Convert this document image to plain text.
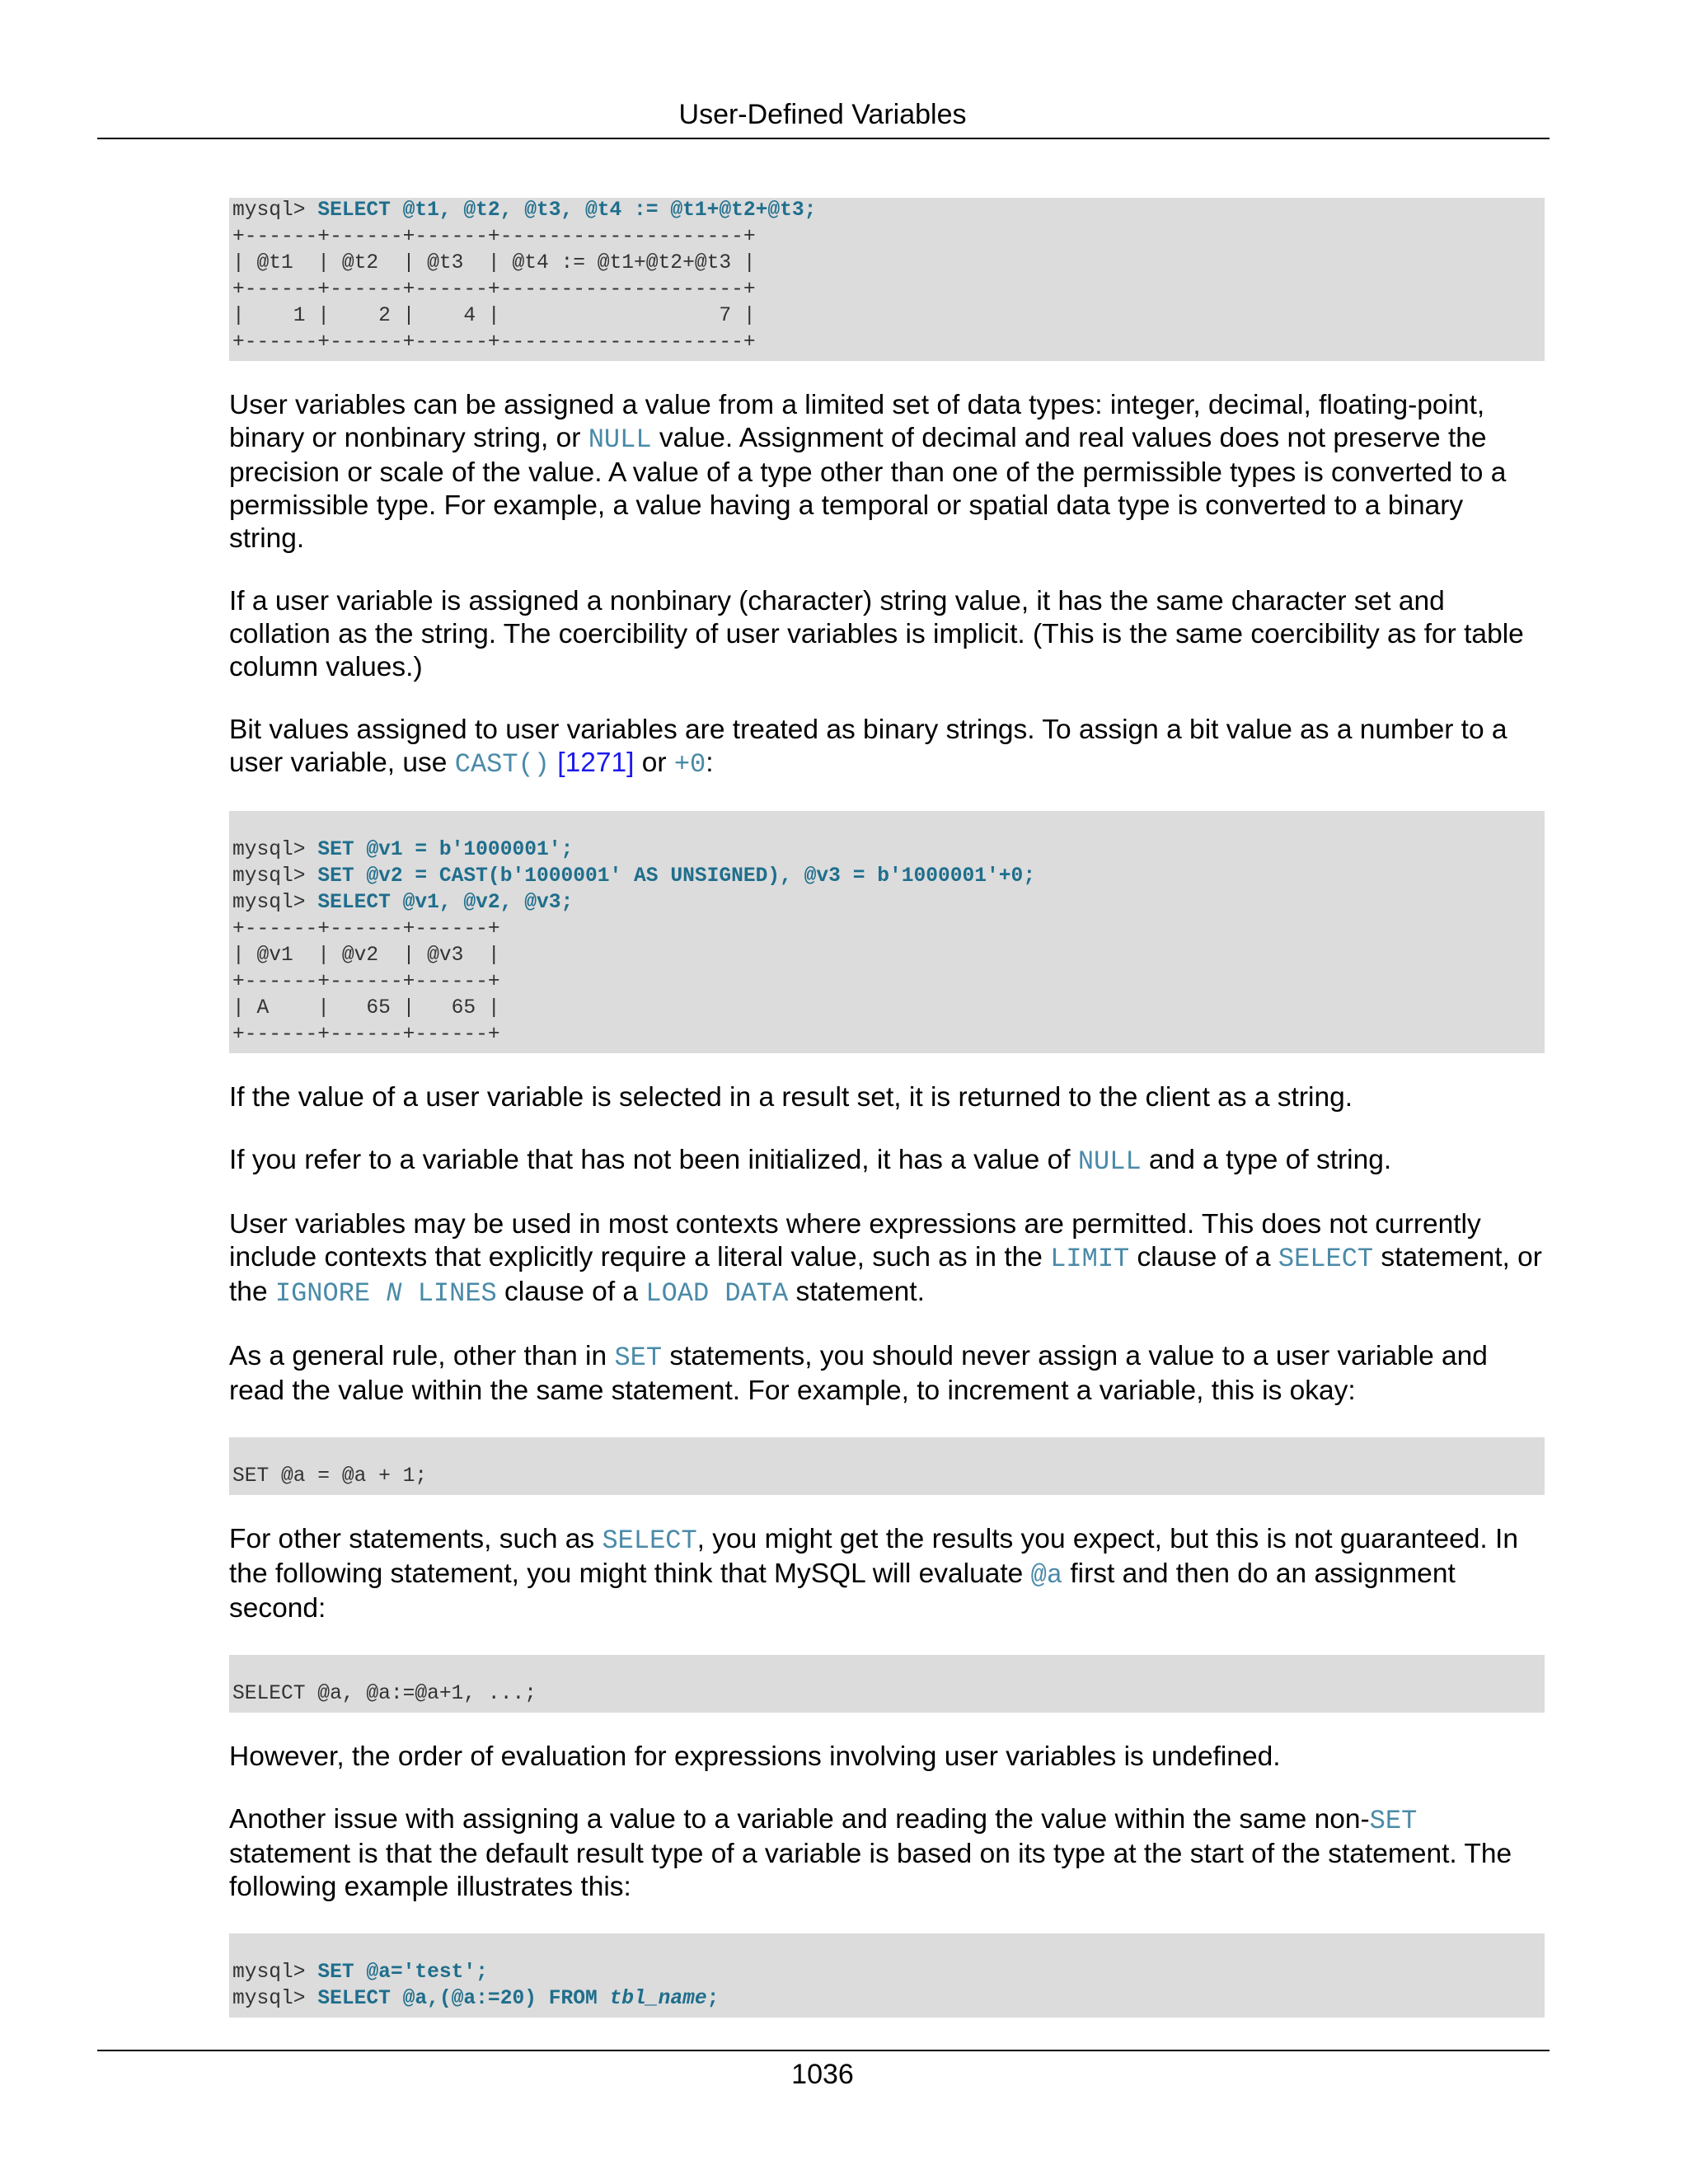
User-Defined Variables
mysql> SELECT @t1, @t2, @t3, @t4 := @t1+@t2+@t3;
+------+------+------+--------------------+
| @t1  | @t2  | @t3  | @t4 := @t1+@t2+@t3 |
+------+------+------+--------------------+
|    1 |    2 |    4 |                  7 |
+------+------+------+--------------------+

User variables can be assigned a value from a limited set of data types: integer, decimal, floating-point, binary or nonbinary string, or NULL value. Assignment of decimal and real values does not preserve the precision or scale of the value. A value of a type other than one of the permissible types is converted to a permissible type. For example, a value having a temporal or spatial data type is converted to a binary string.

If a user variable is assigned a nonbinary (character) string value, it has the same character set and collation as the string. The coercibility of user variables is implicit. (This is the same coercibility as for table column values.)

Bit values assigned to user variables are treated as binary strings. To assign a bit value as a number to a user variable, use CAST() [1271] or +0:

mysql> SET @v1 = b'1000001';
mysql> SET @v2 = CAST(b'1000001' AS UNSIGNED), @v3 = b'1000001'+0;
mysql> SELECT @v1, @v2, @v3;
+------+------+------+
| @v1  | @v2  | @v3  |
+------+------+------+
| A    |   65 |   65 |
+------+------+------+

If the value of a user variable is selected in a result set, it is returned to the client as a string.

If you refer to a variable that has not been initialized, it has a value of NULL and a type of string.

User variables may be used in most contexts where expressions are permitted. This does not currently include contexts that explicitly require a literal value, such as in the LIMIT clause of a SELECT statement, or the IGNORE N LINES clause of a LOAD DATA statement.

As a general rule, other than in SET statements, you should never assign a value to a user variable and read the value within the same statement. For example, to increment a variable, this is okay:

SET @a = @a + 1;

For other statements, such as SELECT, you might get the results you expect, but this is not guaranteed. In the following statement, you might think that MySQL will evaluate @a first and then do an assignment second:

SELECT @a, @a:=@a+1, ...;

However, the order of evaluation for expressions involving user variables is undefined.

Another issue with assigning a value to a variable and reading the value within the same non-SET statement is that the default result type of a variable is based on its type at the start of the statement. The following example illustrates this:

mysql> SET @a='test';
mysql> SELECT @a,(@a:=20) FROM tbl_name;
1036
